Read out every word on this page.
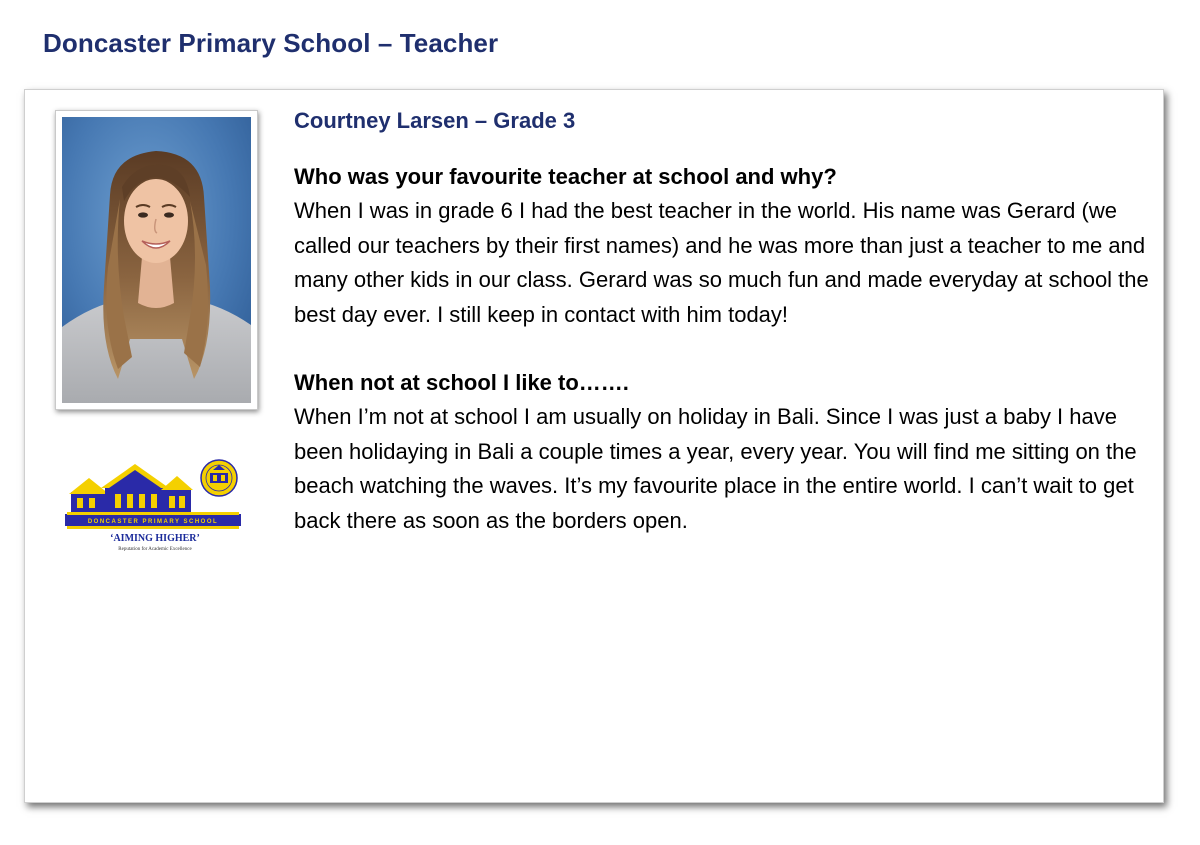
Doncaster Primary School – Teacher
DONCASTER PRIMARY SCHOOL
‘AIMING HIGHER’
Reputation for Academic Excellence
Courtney Larsen – Grade 3

Who was your favourite teacher at school and why?

When I was in grade 6 I had the best teacher in the world. His name was Gerard (we called our teachers by their first names) and he was more than just a teacher to me and many other kids in our class. Gerard was so much fun and made everyday at school the best day ever. I still keep in contact with him today!

When not at school I like to…….

When I’m not at school I am usually on holiday in Bali. Since I was just a baby I have been holidaying in Bali a couple times a year, every year. You will find me sitting on the beach watching the waves. It’s my favourite place in the entire world. I can’t wait to get back there as soon as the borders open.
